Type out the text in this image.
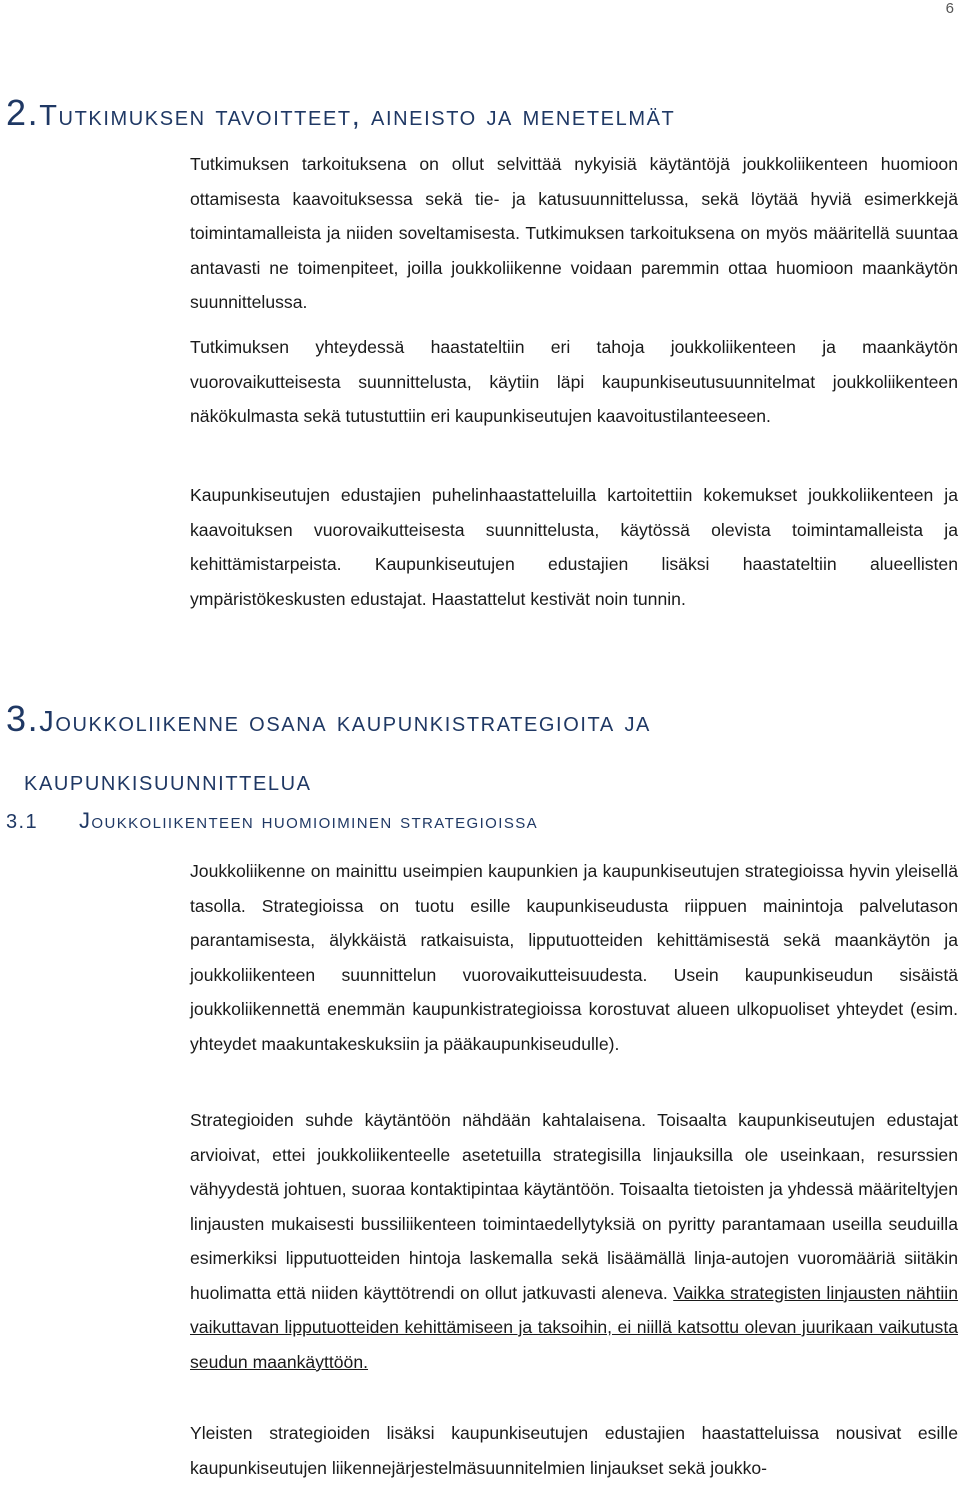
6
2.Tutkimuksen tavoitteet, aineisto ja menetelmät

Tutkimuksen tarkoituksena on ollut selvittää nykyisiä käytäntöjä joukkoliikenteen huomioon ottamisesta kaavoituksessa sekä tie- ja katusuunnittelussa, sekä löytää hyviä esimerkkejä toimintamalleista ja niiden soveltamisesta. Tutkimuksen tarkoituksena on myös määritellä suuntaa antavasti ne toimenpiteet, joilla joukkoliikenne voidaan paremmin ottaa huomioon maankäytön suunnittelussa.

Tutkimuksen yhteydessä haastateltiin eri tahoja joukkoliikenteen ja maankäytön vuorovaikutteisesta suunnittelusta, käytiin läpi kaupunkiseutusuunnitelmat joukkoliikenteen näkökulmasta sekä tutustuttiin eri kaupunkiseutujen kaavoitustilanteeseen.

Kaupunkiseutujen edustajien puhelinhaastatteluilla kartoitettiin kokemukset joukkoliikenteen ja kaavoituksen vuorovaikutteisesta suunnittelusta, käytössä olevista toimintamalleista ja kehittämistarpeista. Kaupunkiseutujen edustajien lisäksi haastateltiin alueellisten ympäristökeskusten edustajat. Haastattelut kestivät noin tunnin.

3.Joukkoliikenne osana kaupunkistrategioita ja
kaupunkisuunnittelua
3.1 Joukkoliikenteen huomioiminen strategioissa

Joukkoliikenne on mainittu useimpien kaupunkien ja kaupunkiseutujen strategioissa hyvin yleisellä tasolla. Strategioissa on tuotu esille kaupunkiseudusta riippuen mainintoja palvelutason parantamisesta, älykkäistä ratkaisuista, lipputuotteiden kehittämisestä sekä maankäytön ja joukkoliikenteen suunnittelun vuorovaikutteisuudesta. Usein kaupunkiseudun sisäistä joukkoliikennettä enemmän kaupunkistrategioissa korostuvat alueen ulkopuoliset yhteydet (esim. yhteydet maakuntakeskuksiin ja pääkaupunkiseudulle).

Strategioiden suhde käytäntöön nähdään kahtalaisena. Toisaalta kaupunkiseutujen edustajat arvioivat, ettei joukkoliikenteelle asetetuilla strategisilla linjauksilla ole useinkaan, resurssien vähyydestä johtuen, suoraa kontaktipintaa käytäntöön. Toisaalta tietoisten ja yhdessä määriteltyjen linjausten mukaisesti bussiliikenteen toimintaedellytyksiä on pyritty parantamaan useilla seuduilla esimerkiksi lipputuotteiden hintoja laskemalla sekä lisäämällä linja-autojen vuoromääriä siitäkin huolimatta että niiden käyttötrendi on ollut jatkuvasti aleneva. Vaikka strategisten linjausten nähtiin vaikuttavan lipputuotteiden kehittämiseen ja taksoihin, ei niillä katsottu olevan juurikaan vaikutusta seudun maankäyttöön.

Yleisten strategioiden lisäksi kaupunkiseutujen edustajien haastatteluissa nousivat esille kaupunkiseutujen liikennejärjestelmäsuunnitelmien linjaukset sekä joukko-
